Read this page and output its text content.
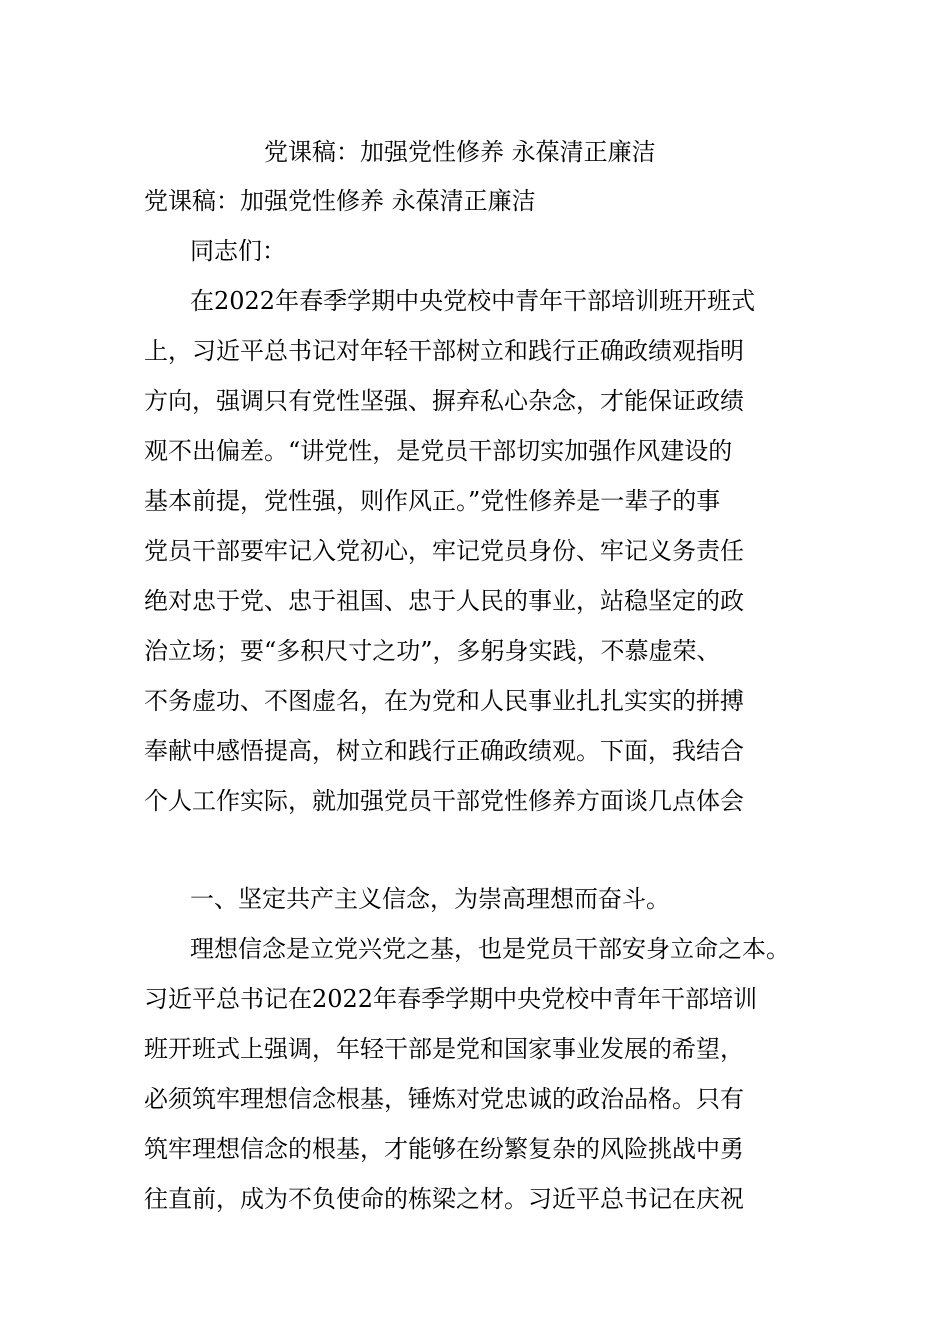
党课稿：加强党性修养 永葆清正廉洁
党课稿：加强党性修养 永葆清正廉洁
同志们：
在2022年春季学期中央党校中青年干部培训班开班式
上，习近平总书记对年轻干部树立和践行正确政绩观指明
方向，强调只有党性坚强、摒弃私心杂念，才能保证政绩
观不出偏差。“讲党性，是党员干部切实加强作风建设的
基本前提，党性强，则作风正。”党性修养是一辈子的事
党员干部要牢记入党初心，牢记党员身份、牢记义务责任
绝对忠于党、忠于祖国、忠于人民的事业，站稳坚定的政
治立场；要“多积尺寸之功”，多躬身实践，不慕虚荣、
不务虚功、不图虚名，在为党和人民事业扎扎实实的拼搏
奉献中感悟提高，树立和践行正确政绩观。下面，我结合
个人工作实际，就加强党员干部党性修养方面谈几点体会
一、坚定共产主义信念，为崇高理想而奋斗。
理想信念是立党兴党之基，也是党员干部安身立命之本。
习近平总书记在2022年春季学期中央党校中青年干部培训
班开班式上强调，年轻干部是党和国家事业发展的希望，
必须筑牢理想信念根基，锤炼对党忠诚的政治品格。只有
筑牢理想信念的根基，才能够在纷繁复杂的风险挑战中勇
往直前，成为不负使命的栋梁之材。习近平总书记在庆祝
